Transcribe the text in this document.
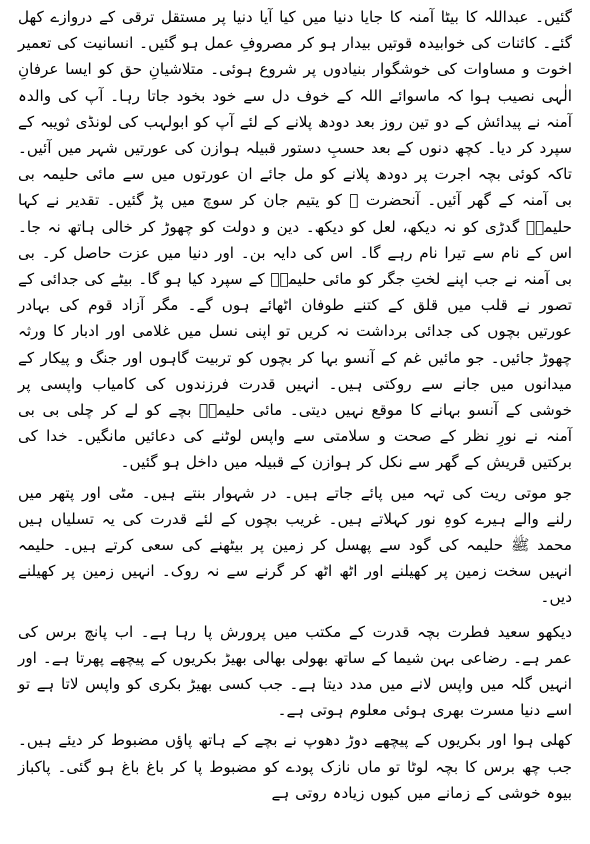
گئیں۔ عبداللہ کا بیٹا آمنہ کا جایا دنیا میں کیا آیا دنیا پر مستقل ترقی کے دروازے کھل گئے۔ کائنات کی خوابیدہ قوتیں بیدار ہو کر مصروفِ عمل ہو گئیں۔ انسانیت کی تعمیر اخوت و مساوات کی خوشگوار بنیادوں پر شروع ہوئی۔ متلاشیانِ حق کو ایسا عرفانِ الٰہی نصیب ہوا کہ ماسوائے اللہ کے خوف دل سے خود بخود جاتا رہا۔ آپ کی والدہ آمنہ نے پیدائش کے دو تین روز بعد دودھ پلانے کے لئے آپ کو ابولہب کی لونڈی ثویبہ کے سپرد کر دیا۔ کچھ دنوں کے بعد حسبِ دستور قبیلہ ہوازن کی عورتیں شہر میں آئیں۔ تاکہ کوئی بچہ اجرت پر دودھ پلانے کو مل جائے ان عورتوں میں سے مائی حلیمہ بی بی آمنہ کے گھر آئیں۔ آنحضرت ﷺ کو یتیم جان کر سوچ میں پڑ گئیں۔ تقدیر نے کہا حلیمہؓ گدڑی کو نہ دیکھ، لعل کو دیکھ۔ دین و دولت کو چھوڑ کر خالی ہاتھ نہ جا۔ اس کے نام سے تیرا نام رہے گا۔ اس کی دایہ بن۔ اور دنیا میں عزت حاصل کر۔ بی بی آمنہ نے جب اپنے لختِ جگر کو مائی حلیمہؓ کے سپرد کیا ہو گا۔ بیٹے کی جدائی کے تصور نے قلب میں قلق کے کتنے طوفان اٹھائے ہوں گے۔ مگر آزاد قوم کی بہادر عورتیں بچوں کی جدائی برداشت نہ کریں تو اپنی نسل میں غلامی اور ادبار کا ورثہ چھوڑ جائیں۔ جو مائیں غم کے آنسو بہا کر بچوں کو تربیت گاہوں اور جنگ و پیکار کے میدانوں میں جانے سے روکتی ہیں۔ انہیں قدرت فرزندوں کی کامیاب واپسی پر خوشی کے آنسو بہانے کا موقع نہیں دیتی۔ مائی حلیمہؓ بچے کو لے کر چلی بی بی آمنہ نے نورِ نظر کے صحت و سلامتی سے واپس لوٹنے کی دعائیں مانگیں۔ خدا کی برکتیں قریش کے گھر سے نکل کر ہوازن کے قبیلہ میں داخل ہو گئیں۔

جو موتی ریت کی تہہ میں پائے جاتے ہیں۔ در شہوار بنتے ہیں۔ مٹی اور پتھر میں رلنے والے ہیرے کوہِ نور کہلاتے ہیں۔ غریب بچوں کے لئے قدرت کی یہ تسلیاں ہیں محمد ﷺ حلیمہ کی گود سے پھسل کر زمین پر بیٹھنے کی سعی کرتے ہیں۔ حلیمہ انہیں سخت زمین پر کھیلنے اور اٹھ اٹھ کر گرنے سے نہ روک۔ انہیں زمین پر کھیلنے دیں۔

دیکھو سعید فطرت بچہ قدرت کے مکتب میں پرورش پا رہا ہے۔ اب پانچ برس کی عمر ہے۔ رضاعی بہن شیما کے ساتھ بھولی بھالی بھیڑ بکریوں کے پیچھے پھرتا ہے۔ اور انہیں گلہ میں واپس لانے میں مدد دیتا ہے۔ جب کسی بھیڑ بکری کو واپس لاتا ہے تو اسے دنیا مسرت بھری ہوئی معلوم ہوتی ہے۔

کھلی ہوا اور بکریوں کے پیچھے دوڑ دھوپ نے بچے کے ہاتھ پاؤں مضبوط کر دیئے ہیں۔ جب چھ برس کا بچہ لوٹا تو ماں نازک پودے کو مضبوط پا کر باغ باغ ہو گئی۔ پاکباز بیوہ خوشی کے زمانے میں کیوں زیادہ روتی ہے
